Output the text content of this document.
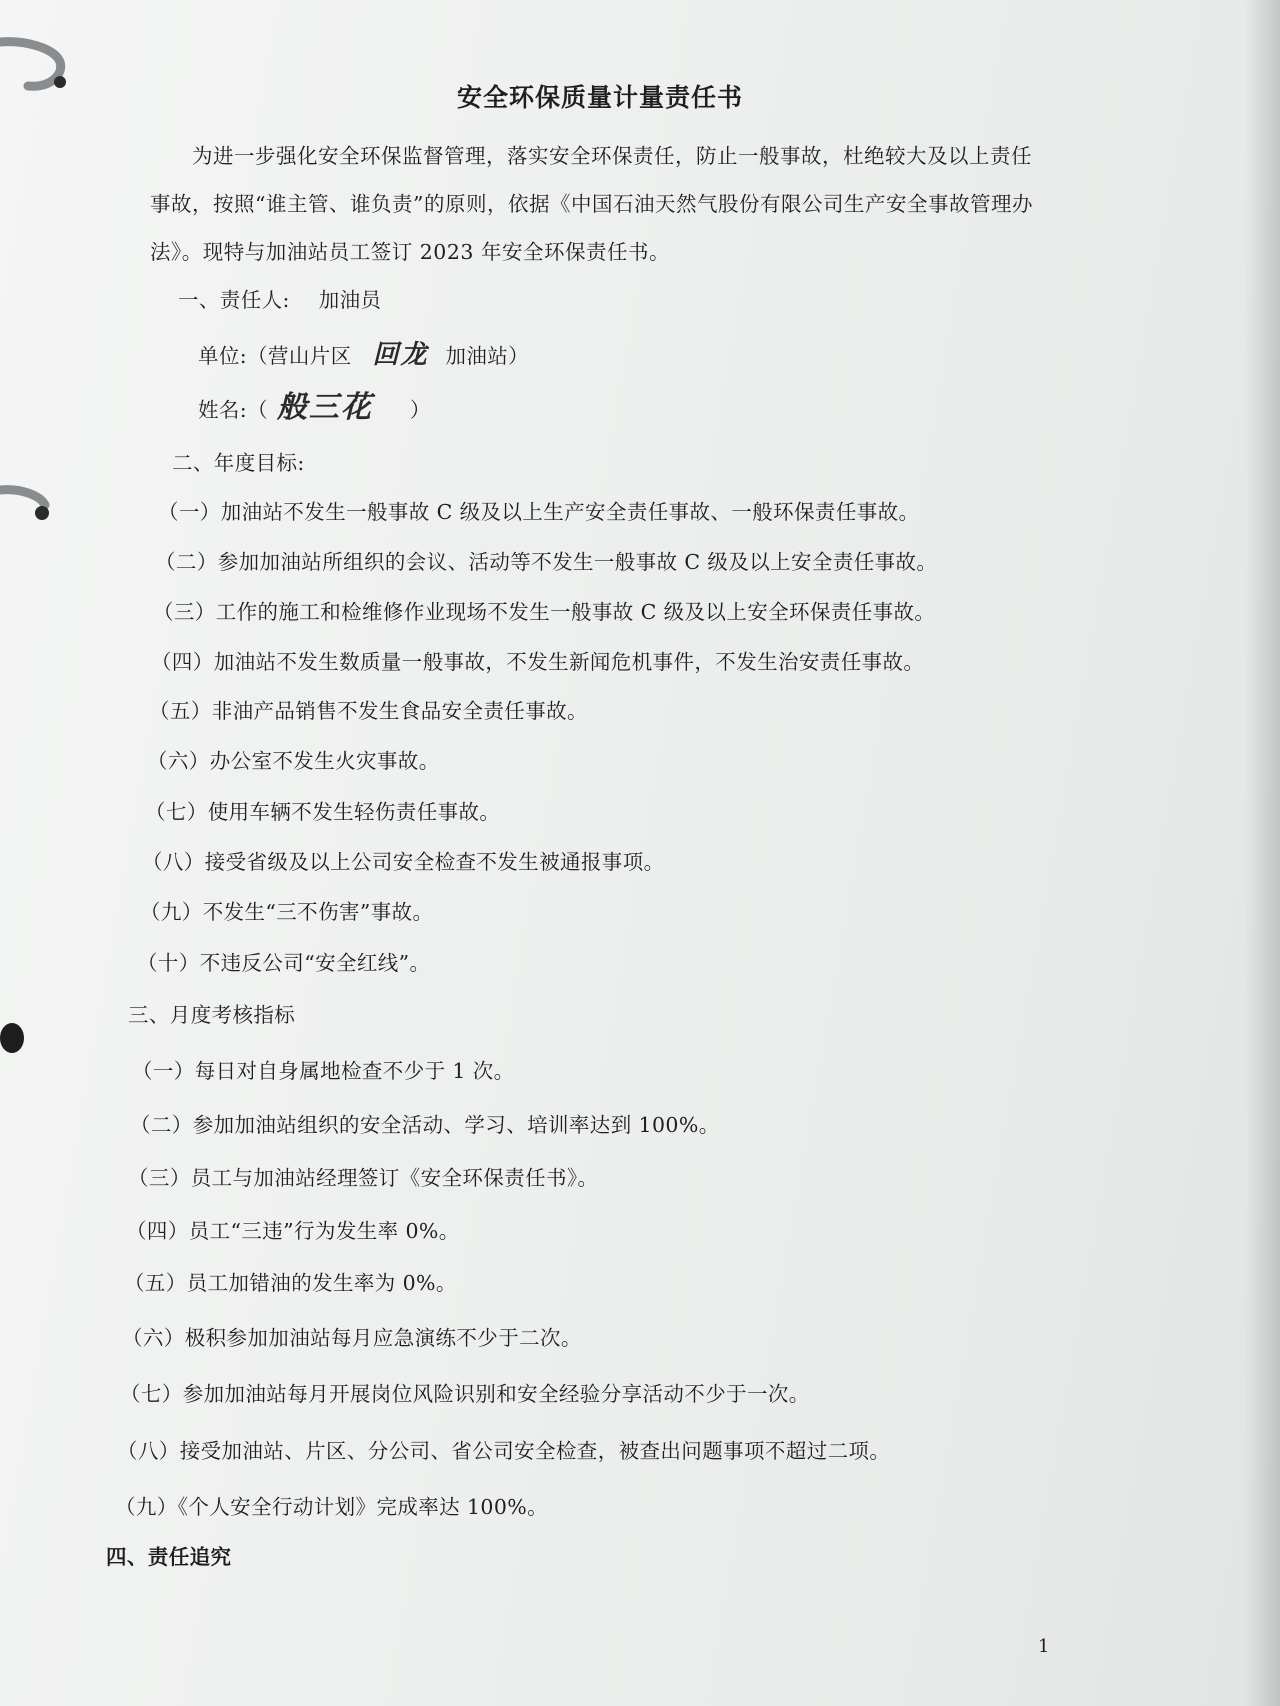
安全环保质量计量责任书
为进一步强化安全环保监督管理，落实安全环保责任，防止一般事故，杜绝较大及以上责任事故，按照“谁主管、谁负责”的原则，依据《中国石油天然气股份有限公司生产安全事故管理办法》。现特与加油站员工签订 2023 年安全环保责任书。
一、责任人: 加油员
单位:（营山片区 回龙 加油站）
姓名:（ 般三花 ）
二、年度目标:
（一）加油站不发生一般事故 C 级及以上生产安全责任事故、一般环保责任事故。
（二）参加加油站所组织的会议、活动等不发生一般事故 C 级及以上安全责任事故。
（三）工作的施工和检维修作业现场不发生一般事故 C 级及以上安全环保责任事故。
（四）加油站不发生数质量一般事故，不发生新闻危机事件，不发生治安责任事故。
（五）非油产品销售不发生食品安全责任事故。
（六）办公室不发生火灾事故。
（七）使用车辆不发生轻伤责任事故。
（八）接受省级及以上公司安全检查不发生被通报事项。
（九）不发生“三不伤害”事故。
（十）不违反公司“安全红线”。
三、月度考核指标
（一）每日对自身属地检查不少于 1 次。
（二）参加加油站组织的安全活动、学习、培训率达到 100%。
（三）员工与加油站经理签订《安全环保责任书》。
（四）员工“三违”行为发生率 0%。
（五）员工加错油的发生率为 0%。
（六）极积参加加油站每月应急演练不少于二次。
（七）参加加油站每月开展岗位风险识别和安全经验分享活动不少于一次。
（八）接受加油站、片区、分公司、省公司安全检查，被查出问题事项不超过二项。
（九）《个人安全行动计划》完成率达 100%。
四、责任追究
1
